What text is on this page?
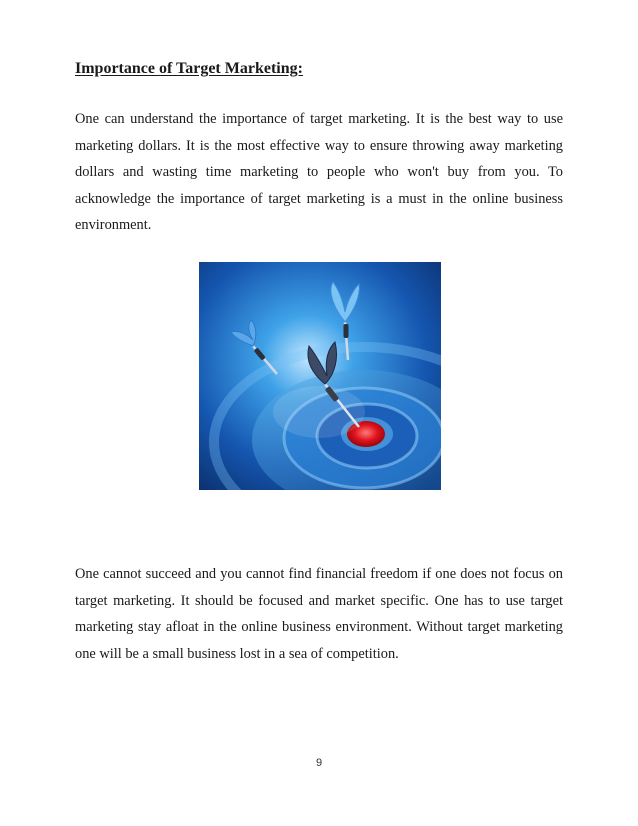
Importance of Target Marketing:

One can understand the importance of target marketing. It is the best way to use marketing dollars. It is the most effective way to ensure throwing away marketing dollars and wasting time marketing to people who won't buy from you. To acknowledge the importance of target marketing is a must in the online business environment.

One cannot succeed and you cannot find financial freedom if one does not focus on target marketing. It should be focused and market specific. One has to use target marketing stay afloat in the online business environment. Without target marketing one will be a small business lost in a sea of competition.

9
